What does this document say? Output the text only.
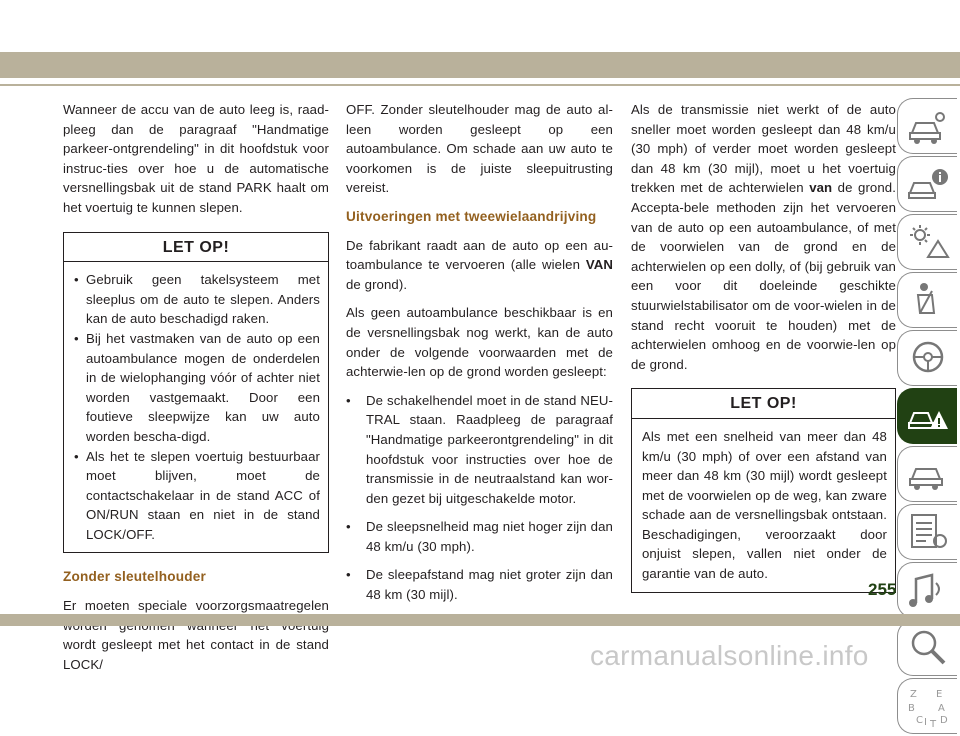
Wanneer de accu van de auto leeg is, raad-pleeg dan de paragraaf "Handmatige parkeer-ontgrendeling" in dit hoofdstuk voor instruc-ties over hoe u de automatische versnellingsbak uit de stand PARK haalt om het voertuig te kunnen slepen.

LET OP!
• Gebruik geen takelsysteem met sleeplus om de auto te slepen. Anders kan de auto beschadigd raken.
• Bij het vastmaken van de auto op een autoambulance mogen de onderdelen in de wielophanging vóór of achter niet worden vastgemaakt. Door een foutieve sleepwijze kan uw auto worden bescha-digd.
• Als het te slepen voertuig bestuurbaar moet blijven, moet de contactschakelaar in de stand ACC of ON/RUN staan en niet in de stand LOCK/OFF.
Zonder sleutelhouder

Er moeten speciale voorzorgsmaatregelen wordt gesleept met het contact in de stand LOCK/

OFF. Zonder sleutelhouder mag de auto al-leen worden gesleept op een autoambulance. Om schade aan uw auto te voorkomen is de juiste sleepuitrusting vereist.

Uitvoeringen met tweewielaandrijving

De fabrikant raadt aan de auto op een au-toambulance te vervoeren (alle wielen VAN de grond).

Als geen autoambulance beschikbaar is en de versnellingsbak nog werkt, kan de auto onder de volgende voorwaarden met de achterwie-len op de grond worden gesleept:

• De schakelhendel moet in de stand NEU-TRAL staan. Raadpleeg de paragraaf "Handmatige parkeerontgrendeling" in dit hoofdstuk voor instructies over hoe de transmissie in de neutraalstand kan wor-den gezet bij uitgeschakelde motor.
• De sleepsnelheid mag niet hoger zijn dan 48 km/u (30 mph).
• De sleepafstand mag niet groter zijn dan 48 km (30 mijl).

Als de transmissie niet werkt of de auto sneller moet worden gesleept dan 48 km/u (30 mph) of verder moet worden gesleept dan 48 km (30 mijl), moet u het voertuig trekken met de achterwielen van de grond. Accepta-bele methoden zijn het vervoeren van de auto op een autoambulance, of met de voorwielen van de grond en de achterwielen op een dolly, of (bij gebruik van een voor dit doeleinde geschikte stuurwielstabilisator om de voor-wielen in de stand recht vooruit te houden) met de achterwielen omhoog en de voorwie-len op de grond.

LET OP!

Als met een snelheid van meer dan 48 km/u (30 mph) of over een afstand van meer dan 48 km (30 mijl) wordt gesleept met de voorwielen op de weg, kan zware schade aan de versnellingsbak ontstaan. Beschadigingen, veroorzaakt door onjuist slepen, vallen niet onder de garantie van de auto.

Z E
B A
C D
I T
255
carmanualsonline.info
